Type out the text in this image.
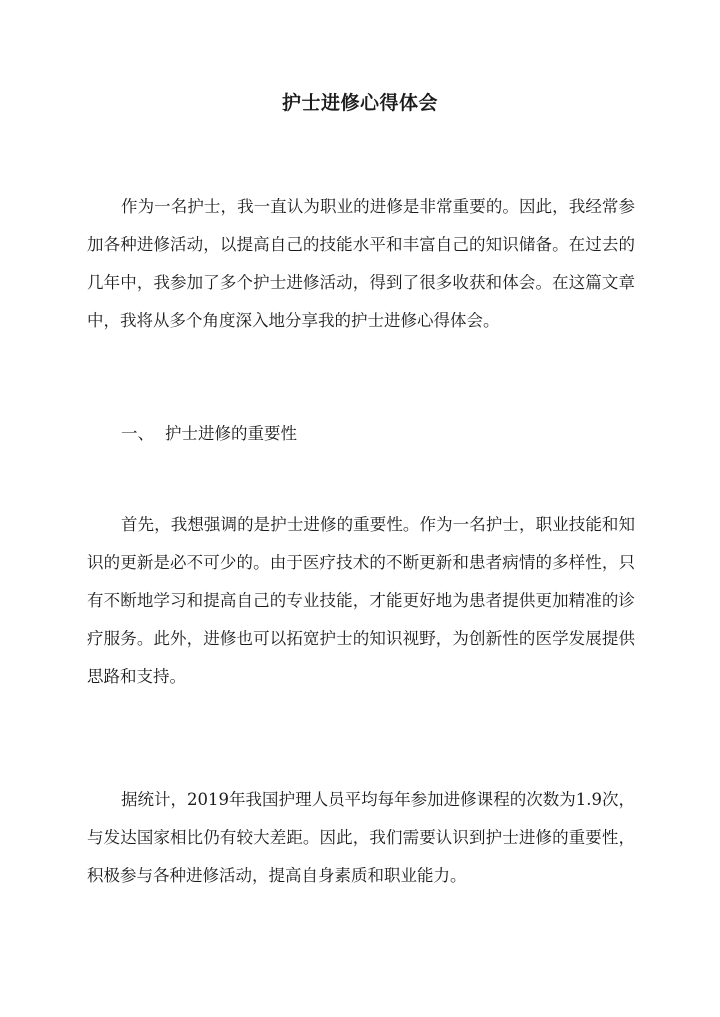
护士进修心得体会

作为一名护士，我一直认为职业的进修是非常重要的。因此，我经常参加各种进修活动，以提高自己的技能水平和丰富自己的知识储备。在过去的几年中，我参加了多个护士进修活动，得到了很多收获和体会。在这篇文章中，我将从多个角度深入地分享我的护士进修心得体会。

一、 护士进修的重要性

首先，我想强调的是护士进修的重要性。作为一名护士，职业技能和知识的更新是必不可少的。由于医疗技术的不断更新和患者病情的多样性，只有不断地学习和提高自己的专业技能，才能更好地为患者提供更加精准的诊疗服务。此外，进修也可以拓宽护士的知识视野，为创新性的医学发展提供思路和支持。

据统计，2019年我国护理人员平均每年参加进修课程的次数为1.9次，与发达国家相比仍有较大差距。因此，我们需要认识到护士进修的重要性，积极参与各种进修活动，提高自身素质和职业能力。
